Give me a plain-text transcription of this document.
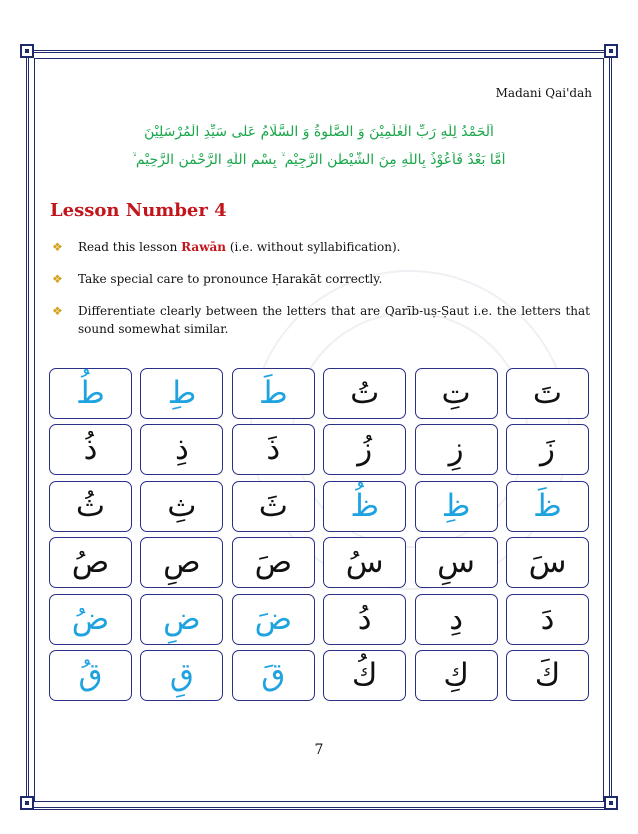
Madani Qai'dah
اَلْحَمْدُ لِلّٰهِ رَبِّ الْعٰلَمِيْنَ وَ الصَّلٰوةُ وَ السَّلَامُ عَلٰى سَيِّدِ الْمُرْسَلِيْنَ
اَمَّا بَعْدُ فَاَعُوْذُ بِاللّٰهِ مِنَ الشَّيْطٰنِ الرَّجِيْمِ ۙ بِسْمِ اللّٰهِ الرَّحْمٰنِ الرَّحِيْمِ ۙ
Lesson Number 4
❖ Read this lesson Rawān (i.e. without syllabification).
❖ Take special care to pronounce Ḥarakāt correctly.
❖ Differentiate clearly between the letters that are Qarīb-uṣ-Ṣaut i.e. the letters that sound somewhat similar.
تَ
تِ
تُ
طَ
طِ
طُ
زَ
زِ
زُ
ذَ
ذِ
ذُ
ظَ
ظِ
ظُ
ثَ
ثِ
ثُ
سَ
سِ
سُ
صَ
صِ
صُ
دَ
دِ
دُ
ضَ
ضِ
ضُ
كَ
كِ
كُ
قَ
قِ
قُ
7
